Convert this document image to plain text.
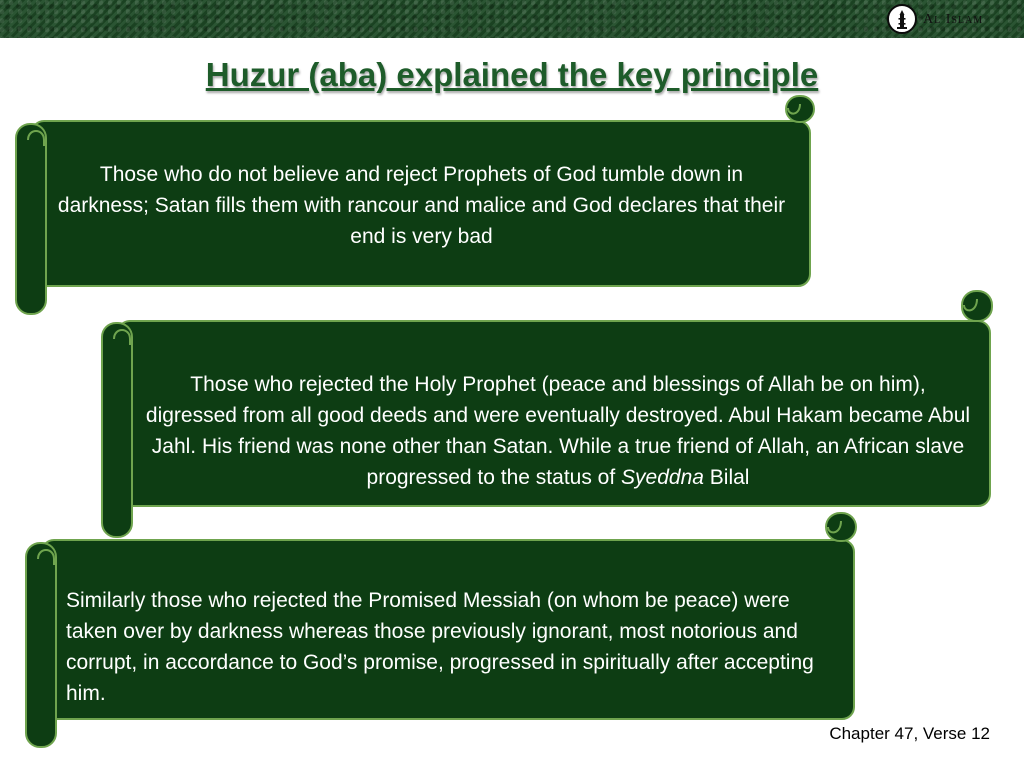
Al Islam
Huzur (aba) explained the key principle
Those who do not believe and reject Prophets of God tumble down in darkness; Satan fills them with rancour and malice and God declares that their end is very bad
Those who rejected the Holy Prophet (peace and blessings of Allah be on him), digressed from all good deeds and were eventually destroyed. Abul Hakam became Abul Jahl. His friend was none other than Satan. While a true friend of Allah, an African slave progressed to the status of Syeddna Bilal
Similarly those who rejected the Promised Messiah (on whom be peace) were taken over by darkness whereas those previously ignorant, most notorious and corrupt, in accordance to God’s promise, progressed in spiritually after accepting him.
Chapter 47, Verse 12
